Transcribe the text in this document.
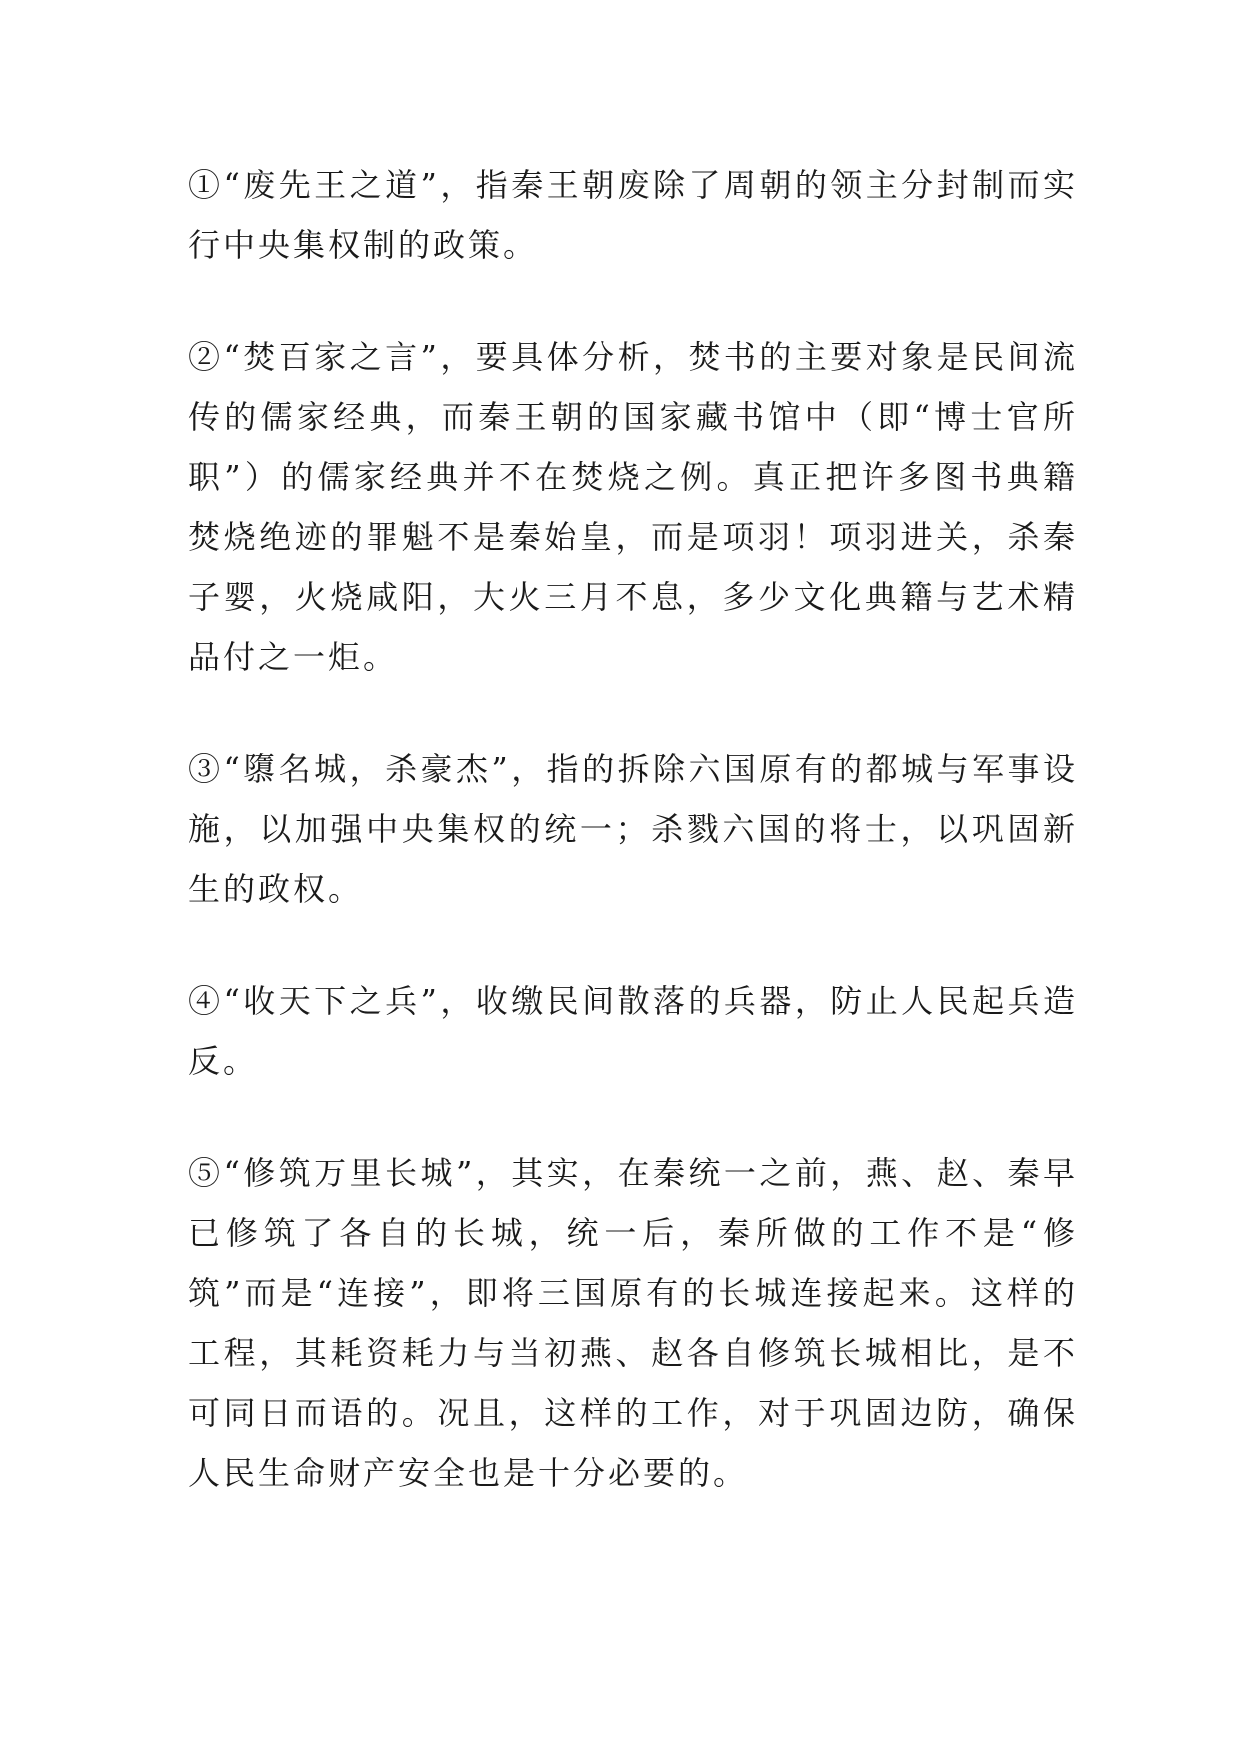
①“废先王之道”，指秦王朝废除了周朝的领主分封制而实行中央集权制的政策。

②“焚百家之言”，要具体分析，焚书的主要对象是民间流传的儒家经典，而秦王朝的国家藏书馆中（即“博士官所职”）的儒家经典并不在焚烧之例。真正把许多图书典籍焚烧绝迹的罪魁不是秦始皇，而是项羽！项羽进关，杀秦子婴，火烧咸阳，大火三月不息，多少文化典籍与艺术精品付之一炬。

③“隳名城，杀豪杰”，指的拆除六国原有的都城与军事设施，以加强中央集权的统一；杀戮六国的将士，以巩固新生的政权。

④“收天下之兵”，收缴民间散落的兵器，防止人民起兵造反。

⑤“修筑万里长城”，其实，在秦统一之前，燕、赵、秦早已修筑了各自的长城，统一后，秦所做的工作不是“修筑”而是“连接”，即将三国原有的长城连接起来。这样的工程，其耗资耗力与当初燕、赵各自修筑长城相比，是不可同日而语的。况且，这样的工作，对于巩固边防，确保人民生命财产安全也是十分必要的。
